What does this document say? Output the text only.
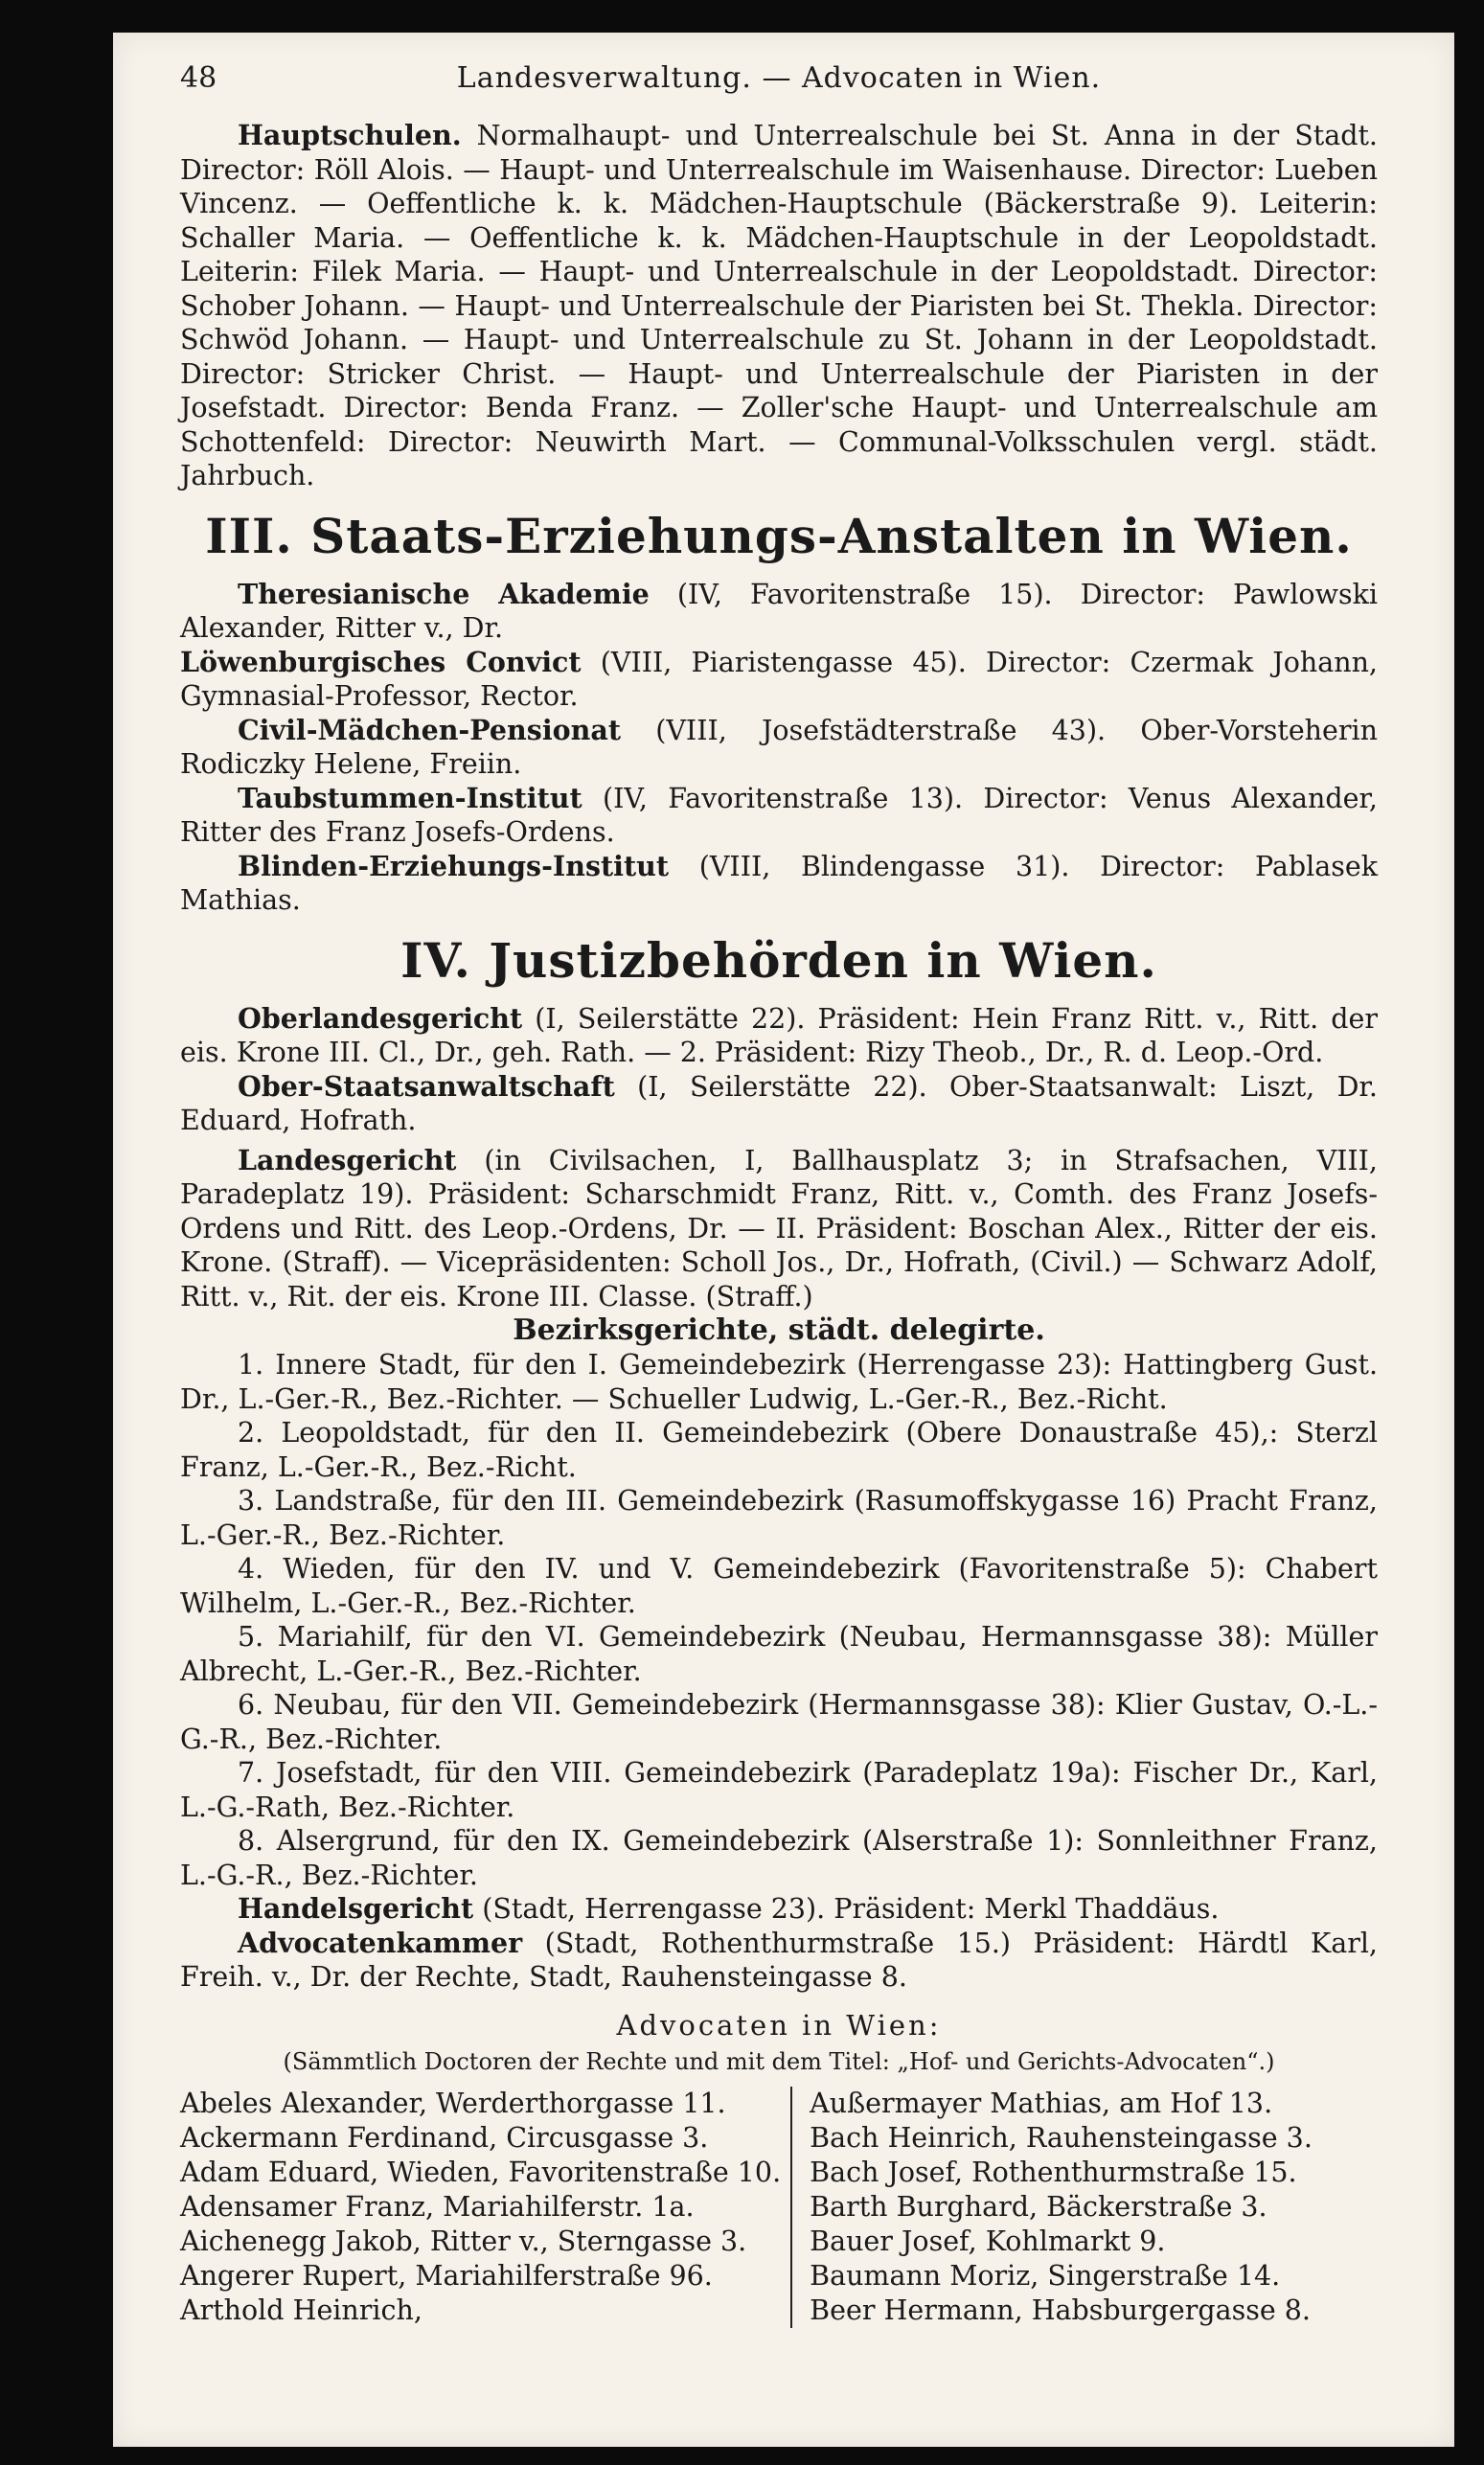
48	Landesverwaltung. — Advocaten in Wien.

Hauptschulen. Normalhaupt- und Unterrealschule bei St. Anna in der Stadt. Director: Röll Alois. — Haupt- und Unterrealschule im Waisenhause. Director: Lueben Vincenz. — Oeffentliche k. k. Mädchen-Hauptschule (Bäckerstraße 9). Leiterin: Schaller Maria. — Oeffentliche k. k. Mädchen-Hauptschule in der Leopoldstadt. Leiterin: Filek Maria. — Haupt- und Unterrealschule in der Leopoldstadt. Director: Schober Johann. — Haupt- und Unterrealschule der Piaristen bei St. Thekla. Director: Schwöd Johann. — Haupt- und Unterrealschule zu St. Johann in der Leopoldstadt. Director: Stricker Christ. — Haupt- und Unterrealschule der Piaristen in der Josefstadt. Director: Benda Franz. — Zoller'sche Haupt- und Unterrealschule am Schottenfeld: Director: Neuwirth Mart. — Communal-Volksschulen vergl. städt. Jahrbuch.

III. Staats-Erziehungs-Anstalten in Wien.

Theresianische Akademie (IV, Favoritenstraße 15). Director: Pawlowski Alexander, Ritter v., Dr.

Löwenburgisches Convict (VIII, Piaristengasse 45). Director: Czermak Johann, Gymnasial-Professor, Rector.

Civil-Mädchen-Pensionat (VIII, Josefstädterstraße 43). Ober-Vorsteherin Rodiczky Helene, Freiin.

Taubstummen-Institut (IV, Favoritenstraße 13). Director: Venus Alexander, Ritter des Franz Josefs-Ordens.

Blinden-Erziehungs-Institut (VIII, Blindengasse 31). Director: Pablasek Mathias.

IV. Justizbehörden in Wien.

Oberlandesgericht (I, Seilerstätte 22). Präsident: Hein Franz Ritt. v., Ritt. der eis. Krone III. Cl., Dr., geh. Rath. — 2. Präsident: Rizy Theob., Dr., R. d. Leop.-Ord.

Ober-Staatsanwaltschaft (I, Seilerstätte 22). Ober-Staatsanwalt: Liszt, Dr. Eduard, Hofrath.

Landesgericht (in Civilsachen, I, Ballhausplatz 3; in Strafsachen, VIII, Paradeplatz 19). Präsident: Scharschmidt Franz, Ritt. v., Comth. des Franz Josefs-Ordens und Ritt. des Leop.-Ordens, Dr. — II. Präsident: Boschan Alex., Ritter der eis. Krone. (Straff). — Vicepräsidenten: Scholl Jos., Dr., Hofrath, (Civil.) — Schwarz Adolf, Ritt. v., Rit. der eis. Krone III. Classe. (Straff.)

Bezirksgerichte, städt. delegirte.

1. Innere Stadt, für den I. Gemeindebezirk (Herrengasse 23): Hattingberg Gust. Dr., L.-Ger.-R., Bez.-Richter. — Schueller Ludwig, L.-Ger.-R., Bez.-Richt.

2. Leopoldstadt, für den II. Gemeindebezirk (Obere Donaustraße 45),: Sterzl Franz, L.-Ger.-R., Bez.-Richt.

3. Landstraße, für den III. Gemeindebezirk (Rasumoffskygasse 16) Pracht Franz, L.-Ger.-R., Bez.-Richter.

4. Wieden, für den IV. und V. Gemeindebezirk (Favoritenstraße 5): Chabert Wilhelm, L.-Ger.-R., Bez.-Richter.

5. Mariahilf, für den VI. Gemeindebezirk (Neubau, Hermannsgasse 38): Müller Albrecht, L.-Ger.-R., Bez.-Richter.

6. Neubau, für den VII. Gemeindebezirk (Hermannsgasse 38): Klier Gustav, O.-L.-G.-R., Bez.-Richter.

7. Josefstadt, für den VIII. Gemeindebezirk (Paradeplatz 19a): Fischer Dr., Karl, L.-G.-Rath, Bez.-Richter.

8. Alsergrund, für den IX. Gemeindebezirk (Alserstraße 1): Sonnleithner Franz, L.-G.-R., Bez.-Richter.

Handelsgericht (Stadt, Herrengasse 23). Präsident: Merkl Thaddäus.

Advocatenkammer (Stadt, Rothenthurmstraße 15.) Präsident: Härdtl Karl, Freih. v., Dr. der Rechte, Stadt, Rauhensteingasse 8.

Advocaten in Wien:
(Sämmtlich Doctoren der Rechte und mit dem Titel: „Hof- und Gerichts-Advocaten“.)
Abeles Alexander, Werderthorgasse 11.
Ackermann Ferdinand, Circusgasse 3.
Adam Eduard, Wieden, Favoritenstraße 10.
Adensamer Franz, Mariahilferstr. 1a.
Aichenegg Jakob, Ritter v., Sterngasse 3.
Angerer Rupert, Mariahilferstraße 96.
Arthold Heinrich,
Außermayer Mathias, am Hof 13.
Bach Heinrich, Rauhensteingasse 3.
Bach Josef, Rothenthurmstraße 15.
Barth Burghard, Bäckerstraße 3.
Bauer Josef, Kohlmarkt 9.
Baumann Moriz, Singerstraße 14.
Beer Hermann, Habsburgergasse 8.
